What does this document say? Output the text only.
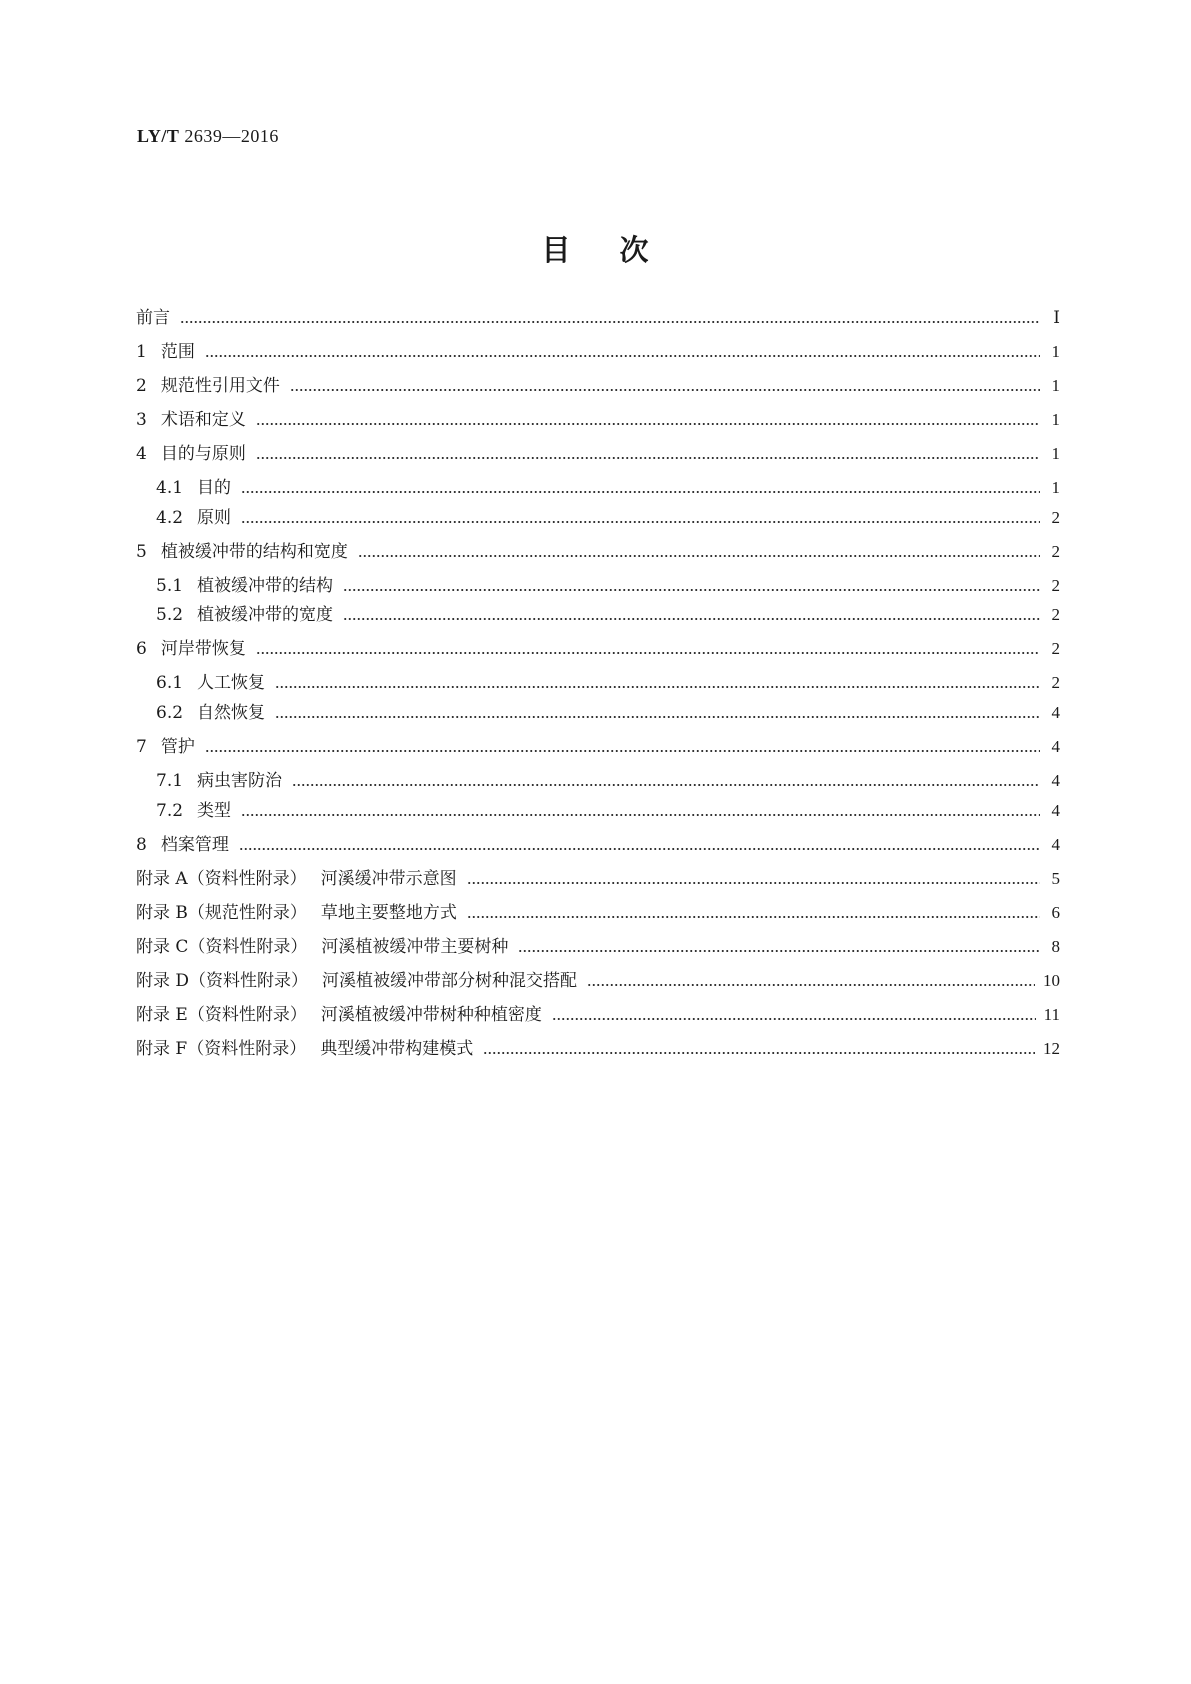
LY/T 2639—2016
目 次
前言	Ⅰ
1 范围	1
2 规范性引用文件	1
3 术语和定义	1
4 目的与原则	1
4.1 目的	1
4.2 原则	2
5 植被缓冲带的结构和宽度	2
5.1 植被缓冲带的结构	2
5.2 植被缓冲带的宽度	2
6 河岸带恢复	2
6.1 人工恢复	2
6.2 自然恢复	4
7 管护	4
7.1 病虫害防治	4
7.2 类型	4
8 档案管理	4
附录 A（资料性附录） 河溪缓冲带示意图	5
附录 B（规范性附录） 草地主要整地方式	6
附录 C（资料性附录） 河溪植被缓冲带主要树种	8
附录 D（资料性附录） 河溪植被缓冲带部分树种混交搭配	10
附录 E（资料性附录） 河溪植被缓冲带树种种植密度	11
附录 F（资料性附录） 典型缓冲带构建模式	12
